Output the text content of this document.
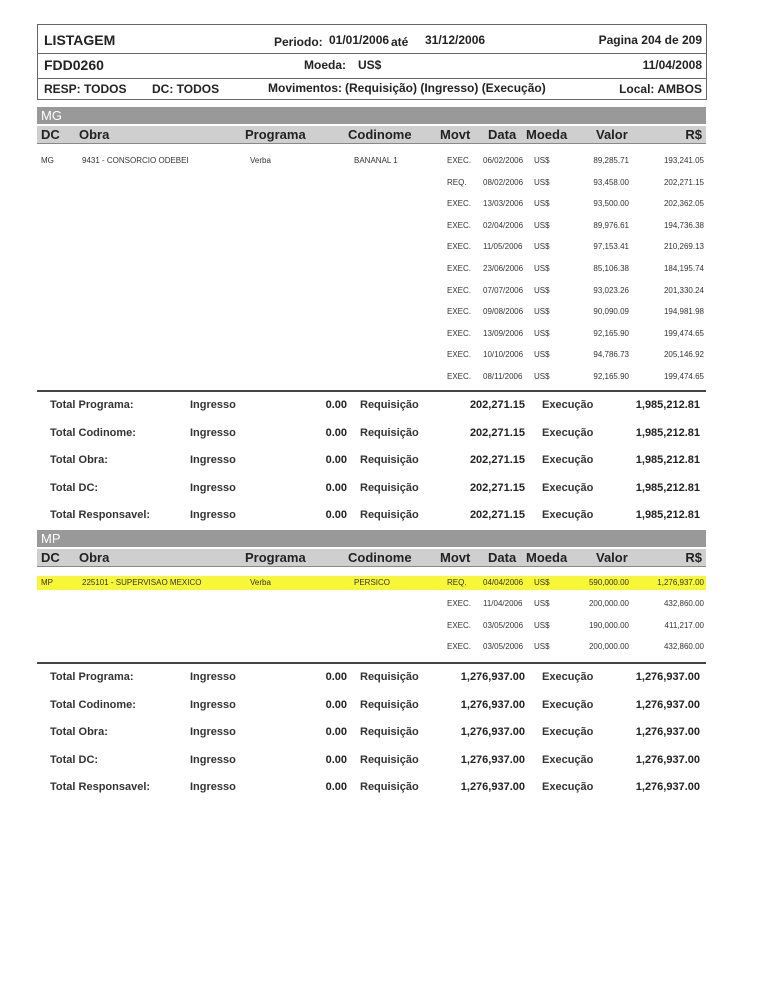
LISTAGEM
FDD0260
RESP: TODOS DC: TODOS
Periodo: 01/01/2006 até 31/12/2006
Moeda: US$
Movimentos: (Requisição) (Ingresso) (Execução)
Pagina 204 de 209
11/04/2008
Local: AMBOS
MG
DC Obra	Programa	Codinome Movt Data Moeda Valor	R$
MG	9431 - CONSORCIO ODEBEI	Verba	BANANAL 1	EXEC. 06/02/2006 US$	89,285.71	193,241.05
REQ. 08/02/2006 US$	93,458.00	202,271.15
EXEC. 13/03/2006 US$	93,500.00	202,362.05
EXEC. 02/04/2006 US$	89,976.61	194,736.38
EXEC. 11/05/2006 US$	97,153.41	210,269.13
EXEC. 23/06/2006 US$	85,106.38	184,195.74
EXEC. 07/07/2006 US$	93,023.26	201,330.24
EXEC. 09/08/2006 US$	90,090.09	194,981.98
EXEC. 13/09/2006 US$	92,165.90	199,474.65
EXEC. 10/10/2006 US$	94,786.73	205,146.92
EXEC. 08/11/2006 US$	92,165.90	199,474.65
Total Programa:	Ingresso	0.00 Requisição	202,271.15 Execução	1,985,212.81
Total Codinome:	Ingresso	0.00 Requisição	202,271.15 Execução	1,985,212.81
Total Obra:	Ingresso	0.00 Requisição	202,271.15 Execução	1,985,212.81
Total DC:	Ingresso	0.00 Requisição	202,271.15 Execução	1,985,212.81
Total Responsavel:	Ingresso	0.00 Requisição	202,271.15 Execução	1,985,212.81
MP
DC Obra	Programa	Codinome Movt Data Moeda Valor	R$
MP	225101 - SUPERVISAO MEXICO	Verba	PERSICO	REQ. 04/04/2006 US$	590,000.00	1,276,937.00
EXEC. 11/04/2006 US$	200,000.00	432,860.00
EXEC. 03/05/2006 US$	190,000.00	411,217.00
EXEC. 03/05/2006 US$	200,000.00	432,860.00
Total Programa:	Ingresso	0.00 Requisição	1,276,937.00 Execução	1,276,937.00
Total Codinome:	Ingresso	0.00 Requisição	1,276,937.00 Execução	1,276,937.00
Total Obra:	Ingresso	0.00 Requisição	1,276,937.00 Execução	1,276,937.00
Total DC:	Ingresso	0.00 Requisição	1,276,937.00 Execução	1,276,937.00
Total Responsavel:	Ingresso	0.00 Requisição	1,276,937.00 Execução	1,276,937.00
